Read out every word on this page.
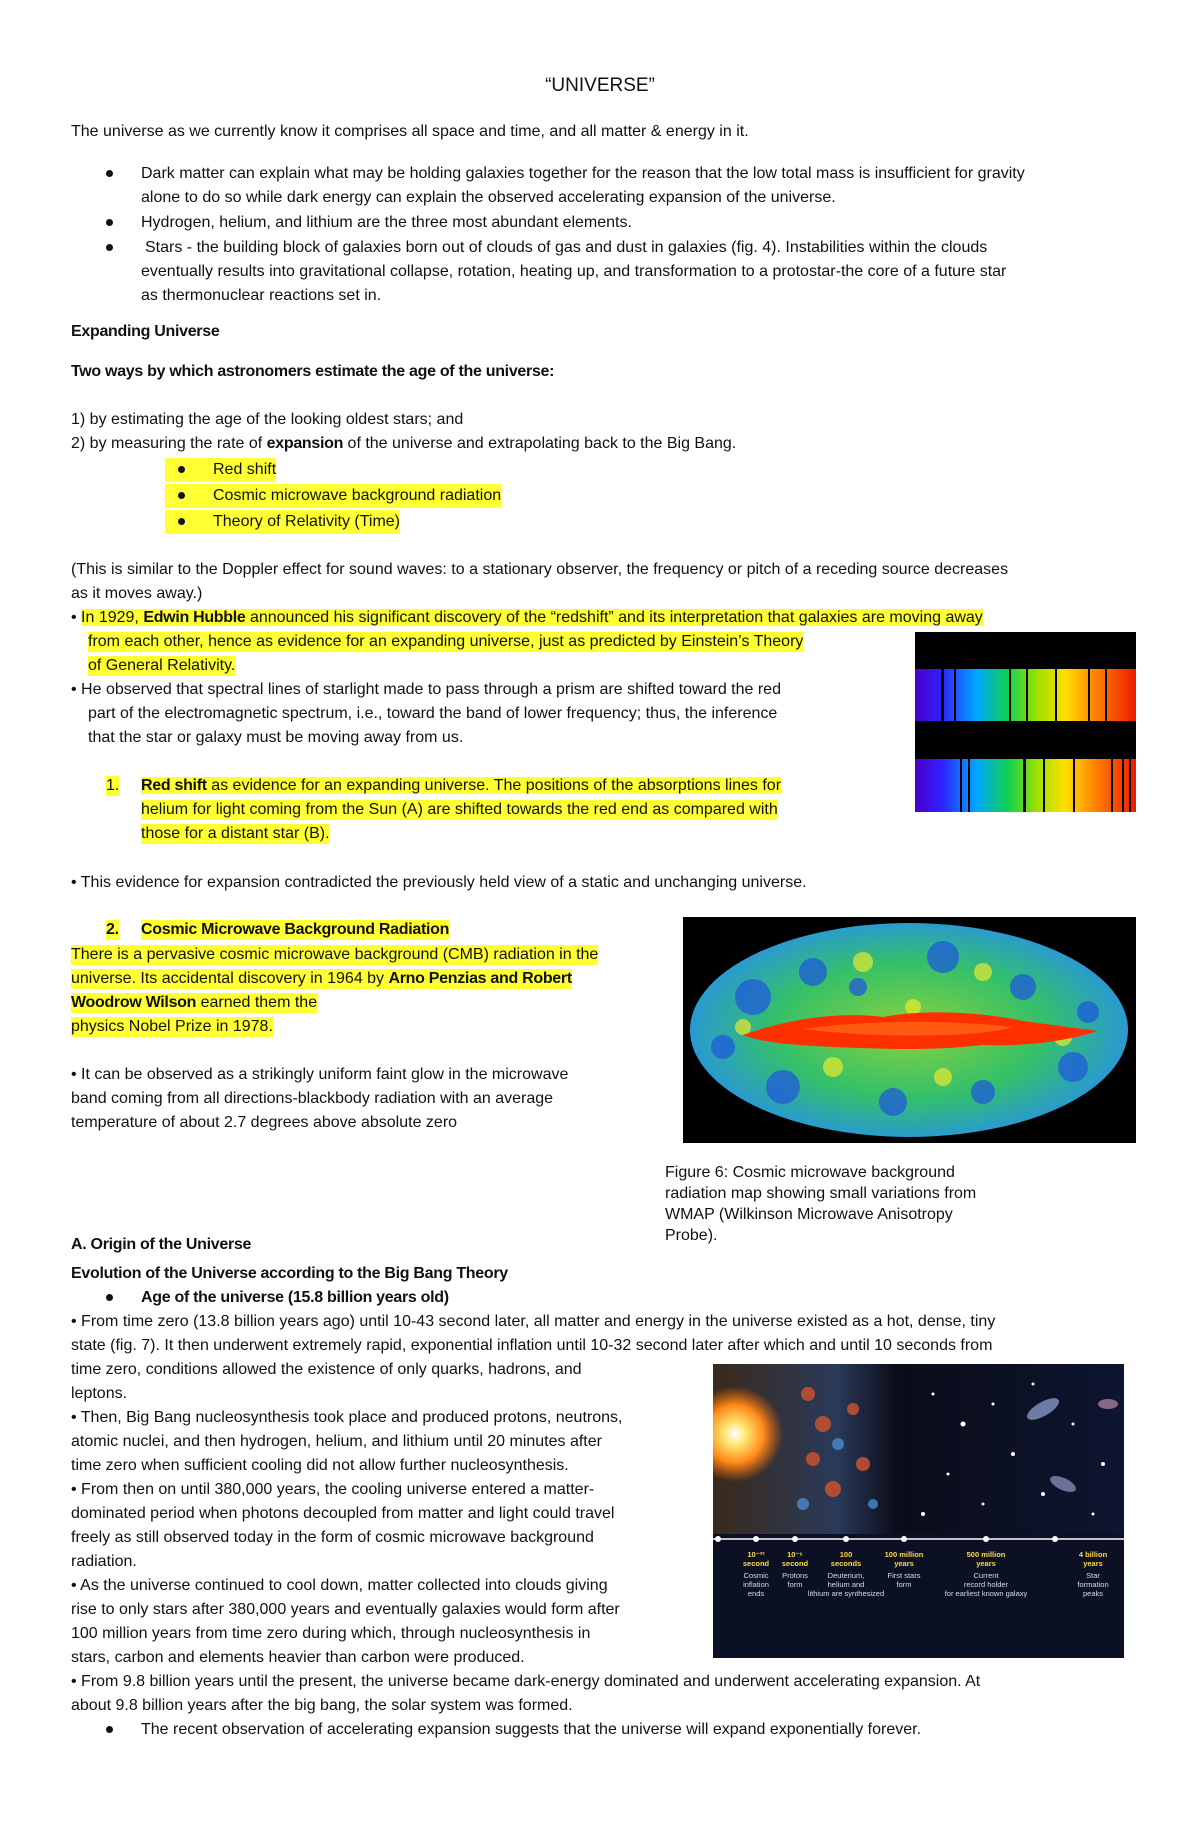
“UNIVERSE”
The universe as we currently know it comprises all space and time, and all matter & energy in it.
Dark matter can explain what may be holding galaxies together for the reason that the low total mass is insufficient for gravity
alone to do so while dark energy can explain the observed accelerating expansion of the universe.
Hydrogen, helium, and lithium are the three most abundant elements.
Stars - the building block of galaxies born out of clouds of gas and dust in galaxies (fig. 4). Instabilities within the clouds
eventually results into gravitational collapse, rotation, heating up, and transformation to a protostar-the core of a future star
as thermonuclear reactions set in.
Expanding Universe
Two ways by which astronomers estimate the age of the universe:
1) by estimating the age of the looking oldest stars; and
2) by measuring the rate of expansion of the universe and extrapolating back to the Big Bang.
Red shift
Cosmic microwave background radiation
Theory of Relativity (Time)
(This is similar to the Doppler effect for sound waves: to a stationary observer, the frequency or pitch of a receding source decreases
as it moves away.)
• In 1929, Edwin Hubble announced his significant discovery of the “redshift” and its interpretation that galaxies are moving away
from each other, hence as evidence for an expanding universe, just as predicted by Einstein’s Theory
of General Relativity.
• He observed that spectral lines of starlight made to pass through a prism are shifted toward the red
part of the electromagnetic spectrum, i.e., toward the band of lower frequency; thus, the inference
that the star or galaxy must be moving away from us.
1. Red shift as evidence for an expanding universe. The positions of the absorptions lines for
helium for light coming from the Sun (A) are shifted towards the red end as compared with
those for a distant star (B).
• This evidence for expansion contradicted the previously held view of a static and unchanging universe.
2. Cosmic Microwave Background Radiation
There is a pervasive cosmic microwave background (CMB) radiation in the
universe. Its accidental discovery in 1964 by Arno Penzias and Robert
Woodrow Wilson earned them the
physics Nobel Prize in 1978.
• It can be observed as a strikingly uniform faint glow in the microwave
band coming from all directions-blackbody radiation with an average
temperature of about 2.7 degrees above absolute zero
Figure 6: Cosmic microwave background radiation map showing small variations from WMAP (Wilkinson Microwave Anisotropy Probe).
A. Origin of the Universe
Evolution of the Universe according to the Big Bang Theory
Age of the universe (15.8 billion years old)
• From time zero (13.8 billion years ago) until 10-43 second later, all matter and energy in the universe existed as a hot, dense, tiny
state (fig. 7). It then underwent extremely rapid, exponential inflation until 10-32 second later after which and until 10 seconds from
time zero, conditions allowed the existence of only quarks, hadrons, and
leptons.
• Then, Big Bang nucleosynthesis took place and produced protons, neutrons,
atomic nuclei, and then hydrogen, helium, and lithium until 20 minutes after
time zero when sufficient cooling did not allow further nucleosynthesis.
• From then on until 380,000 years, the cooling universe entered a matter-
dominated period when photons decoupled from matter and light could travel
freely as still observed today in the form of cosmic microwave background
radiation.
• As the universe continued to cool down, matter collected into clouds giving
rise to only stars after 380,000 years and eventually galaxies would form after
100 million years from time zero during which, through nucleosynthesis in
stars, carbon and elements heavier than carbon were produced.
• From 9.8 billion years until the present, the universe became dark-energy dominated and underwent accelerating expansion. At
about 9.8 billion years after the big bang, the solar system was formed.
The recent observation of accelerating expansion suggests that the universe will expand exponentially forever.
10⁻³²
second
10⁻⁶
second
100
seconds
100 million
years
500 million
years
4 billion
years
Cosmic
inflation
ends
Protons
form
Deuterium,
helium and
lithium are synthesized
First stars
form
Current
record holder
for earliest known galaxy
Star
formation
peaks
